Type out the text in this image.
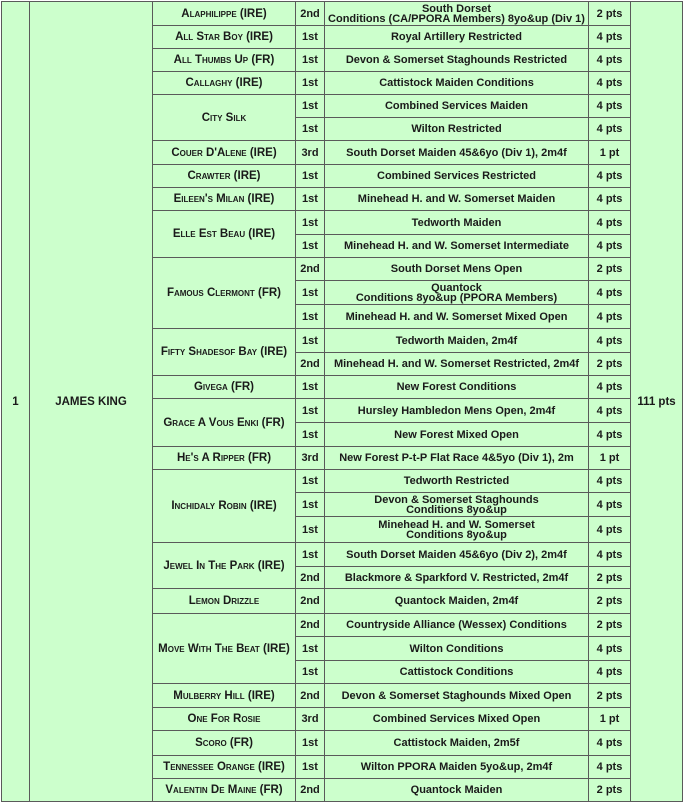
1	JAMES KING	Alaphilippe (IRE)	2nd	South Dorset
Conditions (CA/PPORA Members) 8yo&up (Div 1)	2 pts	111 pts
		All Star Boy (IRE)	1st	Royal Artillery Restricted	4 pts	
		All Thumbs Up (FR)	1st	Devon & Somerset Staghounds Restricted	4 pts	
		Callaghy (IRE)	1st	Cattistock Maiden Conditions	4 pts	
		City Silk	1st	Combined Services Maiden	4 pts	
			1st	Wilton Restricted	4 pts	
		Couer D'Alene (IRE)	3rd	South Dorset Maiden 45&6yo (Div 1), 2m4f	1 pt	
		Crawter (IRE)	1st	Combined Services Restricted	4 pts	
		Eileen's Milan (IRE)	1st	Minehead H. and W. Somerset Maiden	4 pts	
		Elle Est Beau (IRE)	1st	Tedworth Maiden	4 pts	
			1st	Minehead H. and W. Somerset Intermediate	4 pts	
		Famous Clermont (FR)	2nd	South Dorset Mens Open	2 pts	
			1st	Quantock
Conditions 8yo&up (PPORA Members)	4 pts	
			1st	Minehead H. and W. Somerset Mixed Open	4 pts	
		Fifty Shadesof Bay (IRE)	1st	Tedworth Maiden, 2m4f	4 pts	
			2nd	Minehead H. and W. Somerset Restricted, 2m4f	2 pts	
		Givega (FR)	1st	New Forest Conditions	4 pts	
		Grace A Vous Enki (FR)	1st	Hursley Hambledon Mens Open, 2m4f	4 pts	
			1st	New Forest Mixed Open	4 pts	
		He's A Ripper (FR)	3rd	New Forest P-t-P Flat Race 4&5yo (Div 1), 2m	1 pt	
		Inchidaly Robin (IRE)	1st	Tedworth Restricted	4 pts	
			1st	Devon & Somerset Staghounds
Conditions 8yo&up	4 pts	
			1st	Minehead H. and W. Somerset
Conditions 8yo&up	4 pts	
		Jewel In The Park (IRE)	1st	South Dorset Maiden 45&6yo (Div 2), 2m4f	4 pts	
			2nd	Blackmore & Sparkford V. Restricted, 2m4f	2 pts	
		Lemon Drizzle	2nd	Quantock Maiden, 2m4f	2 pts	
		Move With The Beat (IRE)	2nd	Countryside Alliance (Wessex) Conditions	2 pts	
			1st	Wilton Conditions	4 pts	
			1st	Cattistock Conditions	4 pts	
		Mulberry Hill (IRE)	2nd	Devon & Somerset Staghounds Mixed Open	2 pts	
		One For Rosie	3rd	Combined Services Mixed Open	1 pt	
		Scoro (FR)	1st	Cattistock Maiden, 2m5f	4 pts	
		Tennessee Orange (IRE)	1st	Wilton PPORA Maiden 5yo&up, 2m4f	4 pts	
		Valentin De Maine (FR)	2nd	Quantock Maiden	2 pts	
